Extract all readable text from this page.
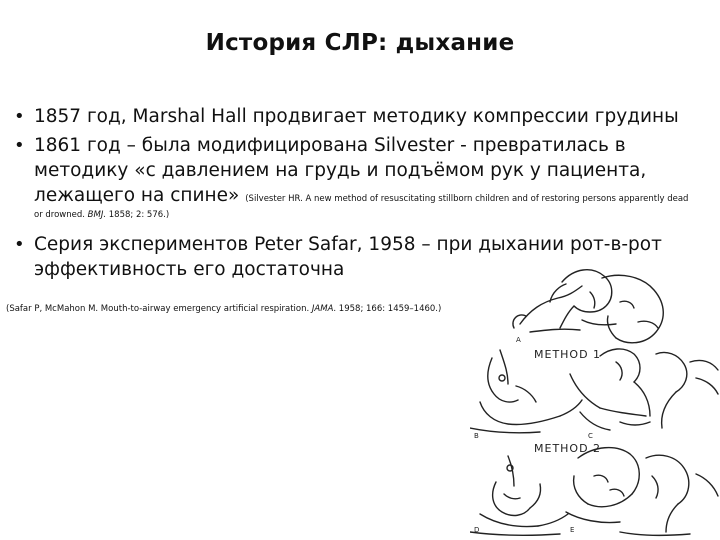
История СЛР: дыхание
• 1857 год, Marshal Hall продвигает методику компрессии грудины
• 1861 год – была модифицирована Silvester - превратилась в
методику «с давлением на грудь и подъёмом рук у пациента,
лежащего на спине» (Silvester HR. A new method of resuscitating stillborn children and of restoring persons apparently dead
or drowned. BMJ. 1858; 2: 576.)
• Серия экспериментов Peter Safar, 1958 – при дыхании рот-в-рот
эффективность его достаточна
(Safar P, McMahon M. Mouth-to-airway emergency artificial respiration. JAMA. 1958; 166: 1459–1460.)
A
METHOD 1
B	C
METHOD 2
D	E
